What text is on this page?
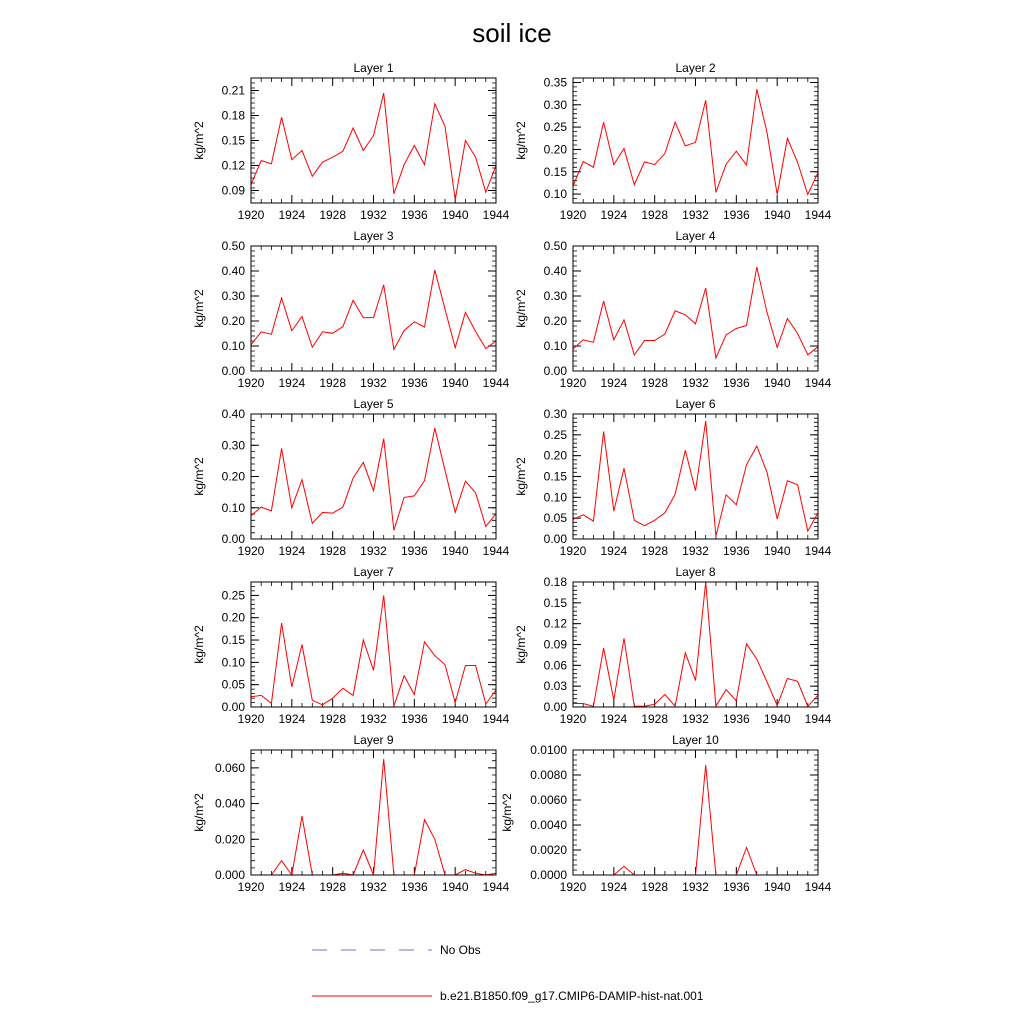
soil ice
1920 1924 1928 1932 1936 1940 1944
0.09
0.12
0.15
0.18
0.21
Layer 1
kg/m^2
1920 1924 1928 1932 1936 1940 1944
0.10
0.15
0.20
0.25
0.30
0.35
Layer 2
kg/m^2
1920 1924 1928 1932 1936 1940 1944
0.00
0.10
0.20
0.30
0.40
0.50
Layer 3
kg/m^2
1920 1924 1928 1932 1936 1940 1944
0.00
0.10
0.20
0.30
0.40
0.50
Layer 4
kg/m^2
1920 1924 1928 1932 1936 1940 1944
0.00
0.10
0.20
0.30
0.40
Layer 5
kg/m^2
1920 1924 1928 1932 1936 1940 1944
0.00
0.05
0.10
0.15
0.20
0.25
0.30
Layer 6
kg/m^2
1920 1924 1928 1932 1936 1940 1944
0.00
0.05
0.10
0.15
0.20
0.25
Layer 7
kg/m^2
1920 1924 1928 1932 1936 1940 1944
0.00
0.03
0.06
0.09
0.12
0.15
0.18
Layer 8
kg/m^2
1920 1924 1928 1932 1936 1940 1944
0.000
0.020
0.040
0.060
Layer 9
kg/m^2
1920 1924 1928 1932 1936 1940 1944
0.0000
0.0020
0.0040
0.0060
0.0080
0.0100
Layer 10
kg/m^2
No Obs
b.e21.B1850.f09_g17.CMIP6-DAMIP-hist-nat.001
